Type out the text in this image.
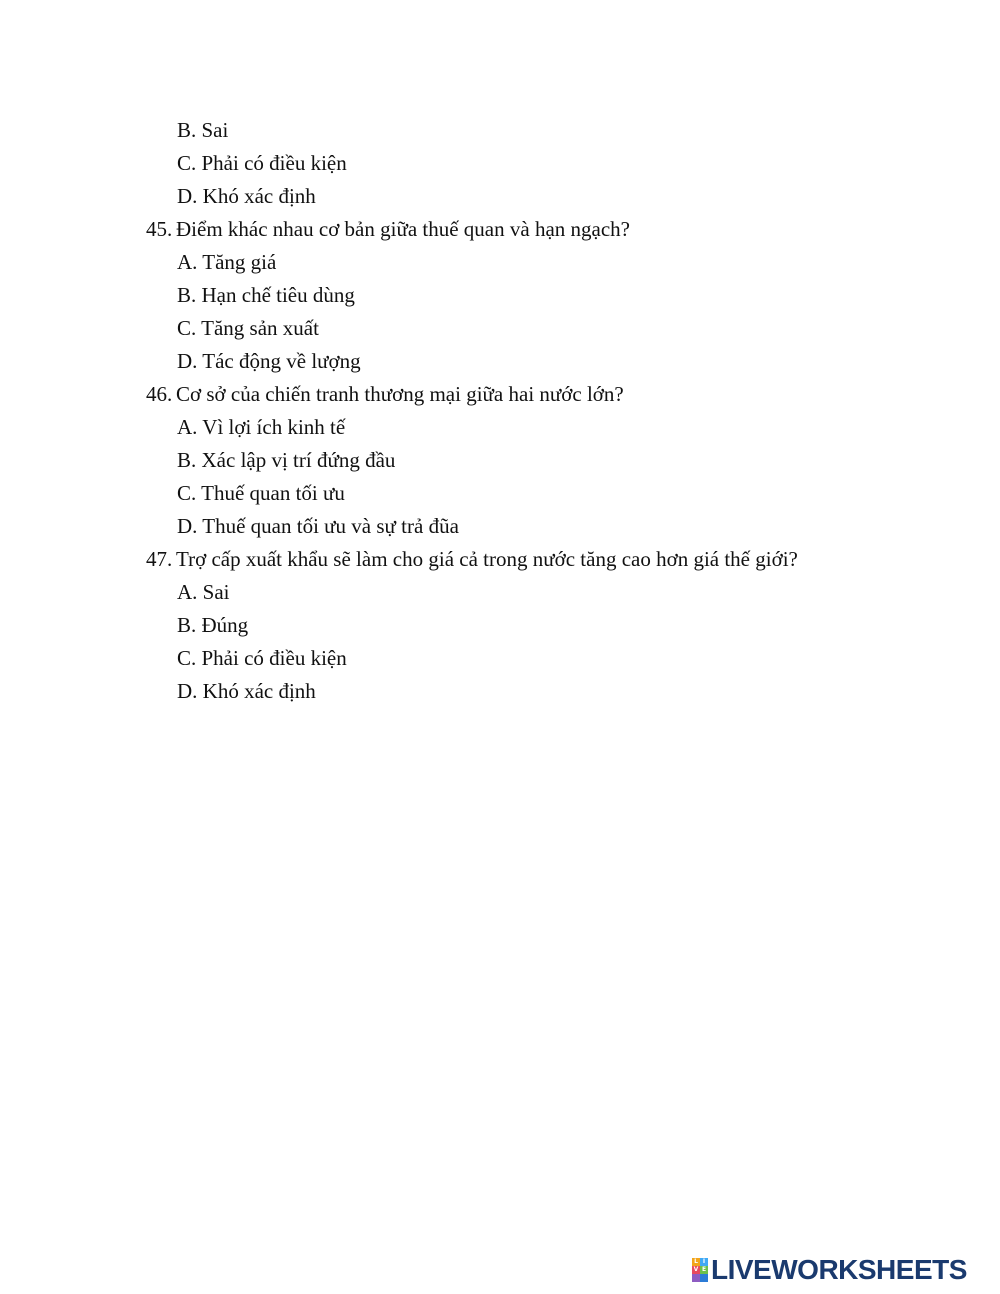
B. Sai
C. Phải có điều kiện
D. Khó xác định
45. Điểm khác nhau cơ bản giữa thuế quan và hạn ngạch?
A. Tăng giá
B. Hạn chế tiêu dùng
C. Tăng sản xuất
D. Tác động về lượng
46. Cơ sở của chiến tranh thương mại giữa hai nước lớn?
A. Vì lợi ích kinh tế
B. Xác lập vị trí đứng đầu
C. Thuế quan tối ưu
D. Thuế quan tối ưu và sự trả đũa
47. Trợ cấp xuất khẩu sẽ làm cho giá cả trong nước tăng cao hơn giá thế giới?
A. Sai
B. Đúng
C. Phải có điều kiện
D. Khó xác định
L I
V E LIVEWORKSHEETS
